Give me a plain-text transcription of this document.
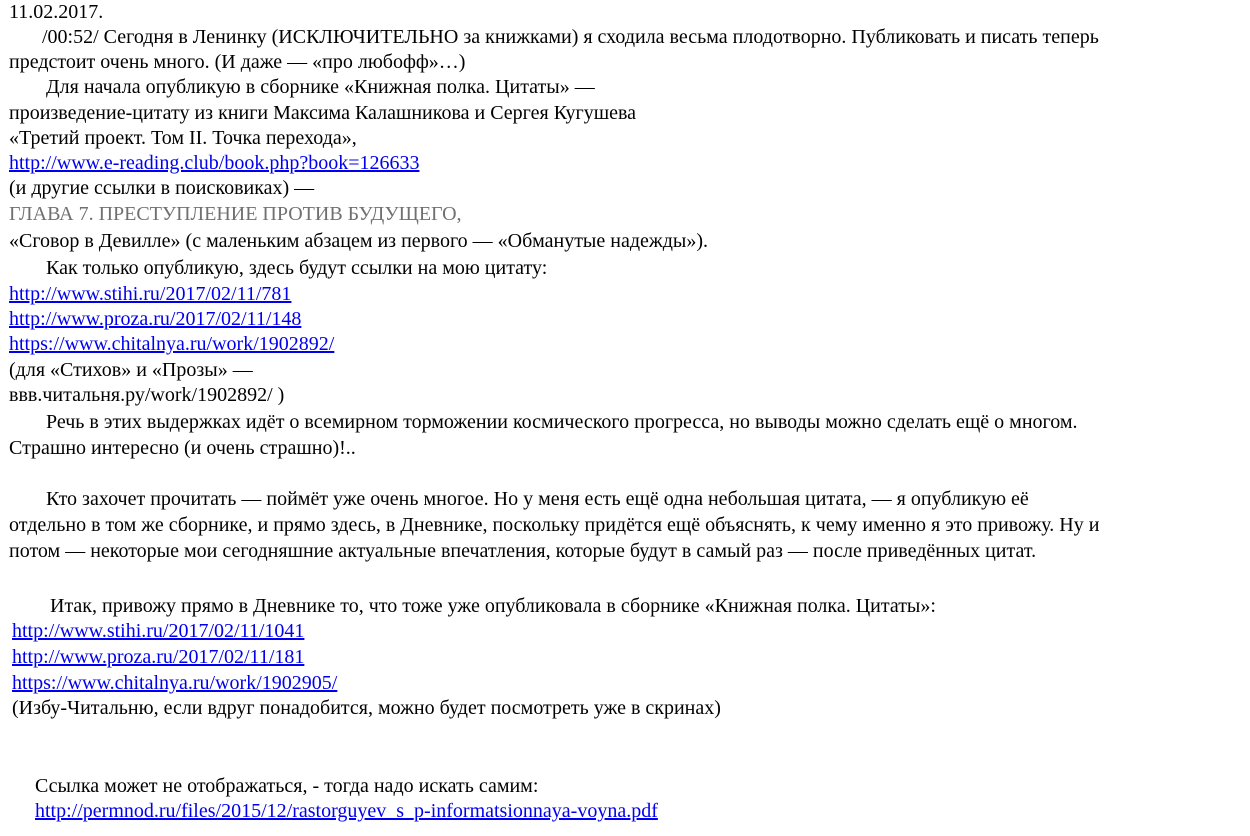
11.02.2017.
/00:52/ Сегодня в Ленинку (ИСКЛЮЧИТЕЛЬНО за книжками) я сходила весьма плодотворно. Публиковать и писать теперь
предстоит очень много. (И даже — «про любофф»…)
Для начала опубликую в сборнике «Книжная полка. Цитаты» —
произведение-цитату из книги Максима Калашникова и Сергея Кугушева
«Третий проект. Том II. Точка перехода»,
http://www.e-reading.club/book.php?book=126633
(и другие ссылки в поисковиках) —
ГЛАВА 7. ПРЕСТУПЛЕНИЕ ПРОТИВ БУДУЩЕГО,
«Сговор в Девилле» (с маленьким абзацем из первого — «Обманутые надежды»).
Как только опубликую, здесь будут ссылки на мою цитату:
http://www.stihi.ru/2017/02/11/781
http://www.proza.ru/2017/02/11/148
https://www.chitalnya.ru/work/1902892/
(для «Стихов» и «Прозы» —
ввв.читальня.ру/work/1902892/ )
Речь в этих выдержках идёт о всемирном торможении космического прогресса, но выводы можно сделать ещё о многом.
Страшно интересно (и очень страшно)!..
Кто захочет прочитать — поймёт уже очень многое. Но у меня есть ещё одна небольшая цитата, — я опубликую её
отдельно в том же сборнике, и прямо здесь, в Дневнике, поскольку придётся ещё объяснять, к чему именно я это привожу. Ну и
потом — некоторые мои сегодняшние актуальные впечатления, которые будут в самый раз — после приведённых цитат.
Итак, привожу прямо в Дневнике то, что тоже уже опубликовала в сборнике «Книжная полка. Цитаты»:
http://www.stihi.ru/2017/02/11/1041
http://www.proza.ru/2017/02/11/181
https://www.chitalnya.ru/work/1902905/
(Избу-Читальню, если вдруг понадобится, можно будет посмотреть уже в скринах)
Ссылка может не отображаться, - тогда надо искать самим:
http://permnod.ru/files/2015/12/rastorguyev_s_p-informatsionnaya-voyna.pdf
